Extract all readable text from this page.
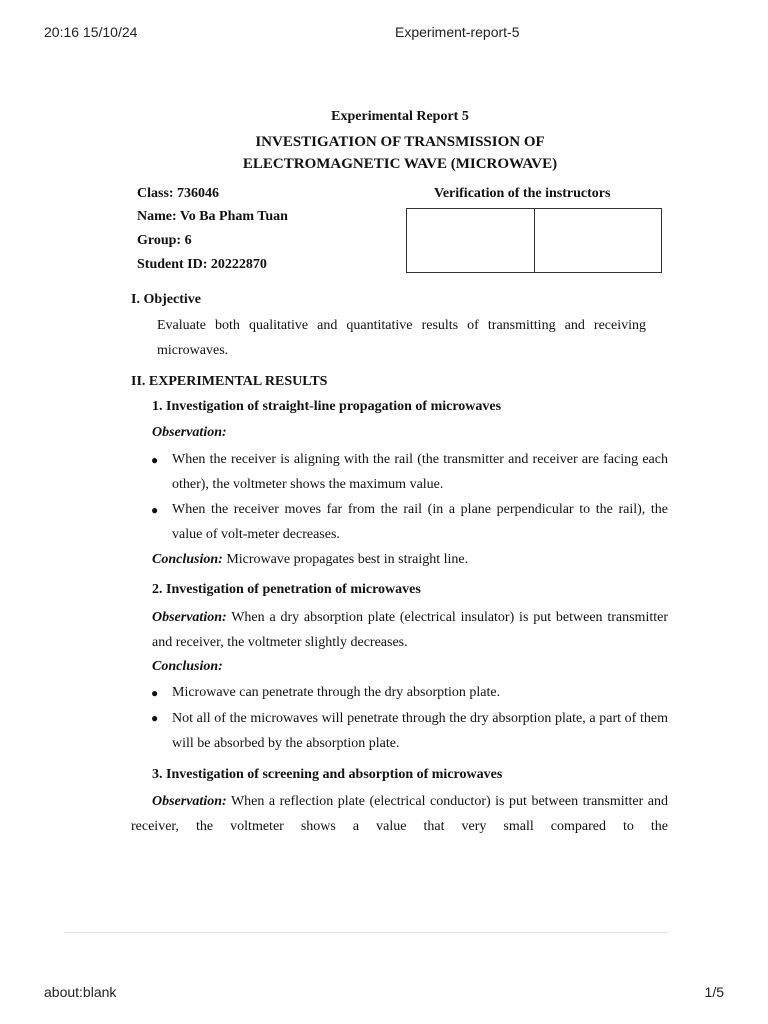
20:16 15/10/24	Experiment-report-5
about:blank	1/5
Experimental Report 5
INVESTIGATION OF TRANSMISSION OF
ELECTROMAGNETIC WAVE (MICROWAVE)
Class: 736046
Name: Vo Ba Pham Tuan
Group: 6
Student ID: 20222870
Verification of the instructors
I. Objective
Evaluate both qualitative and quantitative results of transmitting and receiving microwaves.
II. EXPERIMENTAL RESULTS
1. Investigation of straight-line propagation of microwaves
Observation:
● When the receiver is aligning with the rail (the transmitter and receiver are facing each other), the voltmeter shows the maximum value.
● When the receiver moves far from the rail (in a plane perpendicular to the rail), the value of volt-meter decreases.
Conclusion: Microwave propagates best in straight line.
2. Investigation of penetration of microwaves
Observation: When a dry absorption plate (electrical insulator) is put between transmitter and receiver, the voltmeter slightly decreases.
Conclusion:
● Microwave can penetrate through the dry absorption plate.
● Not all of the microwaves will penetrate through the dry absorption plate, a part of them will be absorbed by the absorption plate.
3. Investigation of screening and absorption of microwaves
Observation: When a reflection plate (electrical conductor) is put between transmitter and receiver, the voltmeter shows a value that very small compared to the
